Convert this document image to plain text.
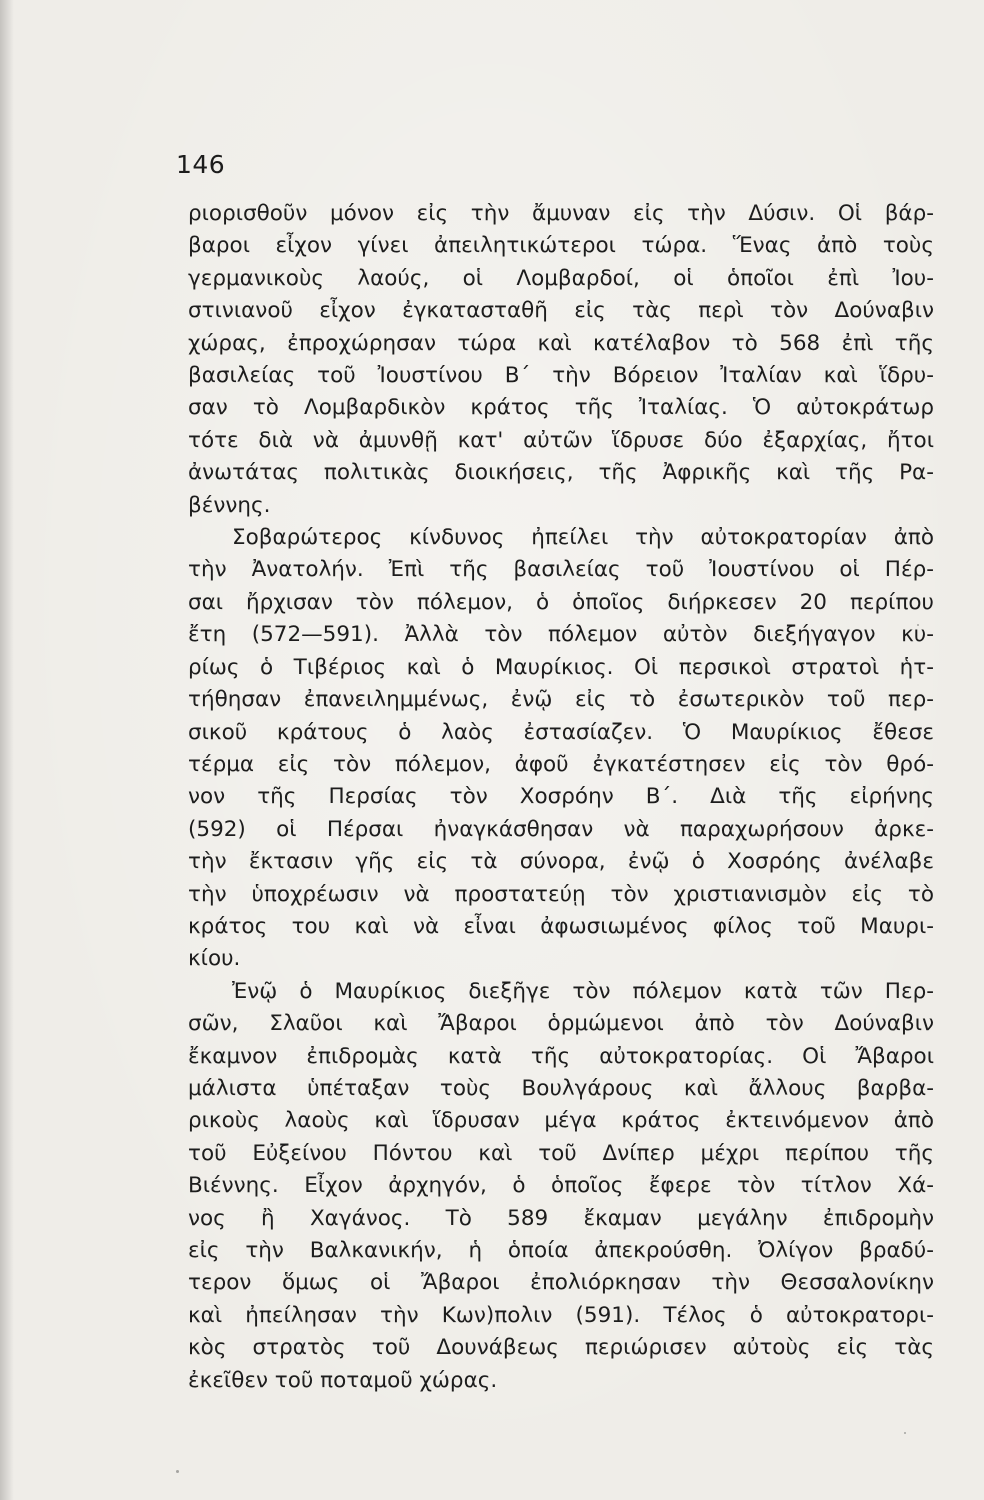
146

ριορισθοῦν μόνον εἰς τὴν ἄμυναν εἰς τὴν Δύσιν. Οἱ βάρ-
βαροι εἶχον γίνει ἀπειλητικώτεροι τώρα. Ἕνας ἀπὸ τοὺς
γερμανικοὺς λαούς, οἱ Λομβαρδοί, οἱ ὁποῖοι ἐπὶ Ἰου-
στινιανοῦ εἶχον ἐγκατασταθῆ εἰς τὰς περὶ τὸν Δούναβιν
χώρας, ἐπροχώρησαν τώρα καὶ κατέλαβον τὸ 568 ἐπὶ τῆς
βασιλείας τοῦ Ἰουστίνου Β΄ τὴν Βόρειον Ἰταλίαν καὶ ἵδρυ-
σαν τὸ Λομβαρδικὸν κράτος τῆς Ἰταλίας. Ὁ αὐτοκράτωρ
τότε διὰ νὰ ἀμυνθῇ κατ' αὐτῶν ἵδρυσε δύο ἐξαρχίας, ἤτοι
ἀνωτάτας πολιτικὰς διοικήσεις, τῆς Ἀφρικῆς καὶ τῆς Ρα-
βέννης.

Σοβαρώτερος κίνδυνος ἠπείλει τὴν αὐτοκρατορίαν ἀπὸ
τὴν Ἀνατολήν. Ἐπὶ τῆς βασιλείας τοῦ Ἰουστίνου οἱ Πέρ-
σαι ἤρχισαν τὸν πόλεμον, ὁ ὁποῖος διήρκεσεν 20 περίπου
ἔτη (572—591). Ἀλλὰ τὸν πόλεμον αὐτὸν διεξήγαγον κυ-
ρίως ὁ Τιβέριος καὶ ὁ Μαυρίκιος. Οἱ περσικοὶ στρατοὶ ἡτ-
τήθησαν ἐπανειλημμένως, ἐνῷ εἰς τὸ ἐσωτερικὸν τοῦ περ-
σικοῦ κράτους ὁ λαὸς ἐστασίαζεν. Ὁ Μαυρίκιος ἔθεσε
τέρμα εἰς τὸν πόλεμον, ἀφοῦ ἐγκατέστησεν εἰς τὸν θρό-
νον τῆς Περσίας τὸν Χοσρόην Β΄. Διὰ τῆς εἰρήνης
(592) οἱ Πέρσαι ἠναγκάσθησαν νὰ παραχωρήσουν ἀρκε-
τὴν ἔκτασιν γῆς εἰς τὰ σύνορα, ἐνῷ ὁ Χοσρόης ἀνέλαβε
τὴν ὑποχρέωσιν νὰ προστατεύῃ τὸν χριστιανισμὸν εἰς τὸ
κράτος του καὶ νὰ εἶναι ἀφωσιωμένος φίλος τοῦ Μαυρι-
κίου.

Ἐνῷ ὁ Μαυρίκιος διεξῆγε τὸν πόλεμον κατὰ τῶν Περ-
σῶν, Σλαῦοι καὶ Ἄβαροι ὁρμώμενοι ἀπὸ τὸν Δούναβιν
ἔκαμνον ἐπιδρομὰς κατὰ τῆς αὐτοκρατορίας. Οἱ Ἄβαροι
μάλιστα ὑπέταξαν τοὺς Βουλγάρους καὶ ἄλλους βαρβα-
ρικοὺς λαοὺς καὶ ἵδρυσαν μέγα κράτος ἐκτεινόμενον ἀπὸ
τοῦ Εὐξείνου Πόντου καὶ τοῦ Δνίπερ μέχρι περίπου τῆς
Βιέννης. Εἶχον ἀρχηγόν, ὁ ὁποῖος ἔφερε τὸν τίτλον Χά-
νος ἢ Χαγάνος. Τὸ 589 ἔκαμαν μεγάλην ἐπιδρομὴν
εἰς τὴν Βαλκανικήν, ἡ ὁποία ἀπεκρούσθη. Ὀλίγον βραδύ-
τερον ὅμως οἱ Ἄβαροι ἐπολιόρκησαν τὴν Θεσσαλονίκην
καὶ ἠπείλησαν τὴν Κων)πολιν (591). Τέλος ὁ αὐτοκρατορι-
κὸς στρατὸς τοῦ Δουνάβεως περιώρισεν αὐτοὺς εἰς τὰς
ἐκεῖθεν τοῦ ποταμοῦ χώρας.
